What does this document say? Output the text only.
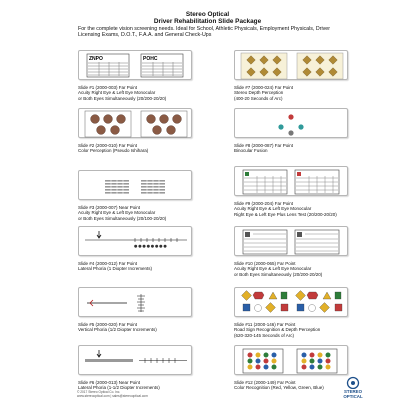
Stereo Optical
Driver Rehabilitation Slide Package
For the complete vision screening needs. Ideal for School, Athletic Physicals, Employment Physicals, Driver Licensing Exams, D.O.T., F.A.A. and General Check-Ups
ZNPO	POHC
Slide #1 (2000-003) Far Point
Acuity Right Eye & Left Eye Monocular
or Both Eyes Simultaneously (20/200-20/20)
Slide #2 (2000-010) Far Point
Color Perception (Pseudo Ishihara)
Slide #3 (2000-007) Near Point
Acuity Right Eye & Left Eye Monocular
or Both Eyes Simultaneously (20/100-20/20)
⬤ ⬤ ⬤ ⬤ ⬤ ⬤ ⬤ ⬤
Slide #4 (2000-012) Far Point
Lateral Phoria (1 Diopter Increments)
Slide #5 (2000-020) Far Point
Vertical Phoria (1/2 Diopter Increments)
Slide #6 (2000-013) Near Point
Lateral Phoria (1-1/2 Diopter Increments)
Slide #7 (2000-024) Far Point
Stereo Depth Perception
(400-20 Seconds of Arc)
Slide #8 (2000-087) Far Point
Binocular Fusion
Slide #9 (2000-204) Far Point
Acuity Right Eye & Left Eye Monocular
Right Eye & Left Eye Plus Lens Test (20/200-20/20)
Slide #10 (2000-065) Far Point
Acuity Right Eye & Left Eye Monocular
or Both Eyes Simultaneously (20/200-20/20)
Slide #11 (2000-146) Far Point
Road Sign Recognition & Depth Perception
(620-320-145 Seconds of Arc)
Slide #12 (2000-149) Far Point
Color Recognition (Red, Yellow, Green, Blue)
© 2017 Stereo Optical Co. Inc.
www.stereooptical.com | sales@stereooptical.com
STEREO
OPTICAL
